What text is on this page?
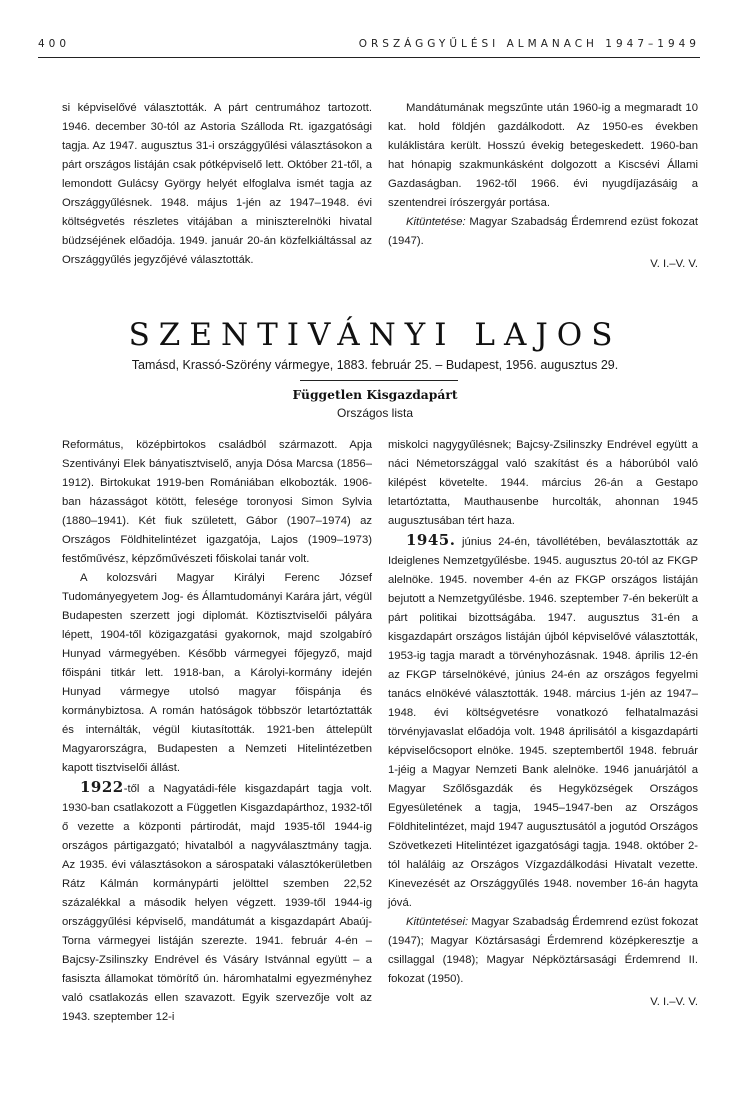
400	ORSZÁGGYŰLÉSI ALMANACH 1947–1949

si képviselővé választották. A párt centrumához tartozott. 1946. december 30-tól az Astoria Szálloda Rt. igazgatósági tagja. Az 1947. augusztus 31-i országgyűlési választásokon a párt országos listáján csak pótképviselő lett. Október 21-től, a lemondott Gulácsy György helyét elfoglalva ismét tagja az Országgyűlésnek. 1948. május 1-jén az 1947–1948. évi költségvetés részletes vitájában a miniszterelnöki hivatal büdzséjének előadója. 1949. január 20-án közfelkiáltással az Országgyűlés jegyzőjévé választották.

Mandátumának megszűnte után 1960-ig a megmaradt 10 kat. hold földjén gazdálkodott. Az 1950-es években kuláklistára került. Hosszú évekig betegeskedett. 1960-ban hat hónapig szakmunkásként dolgozott a Kiscsévi Állami Gazdaságban. 1962-től 1966. évi nyugdíjazásáig a szentendrei írószergyár portása.

Kitüntetése: Magyar Szabadság Érdemrend ezüst fokozat (1947).

V. I.–V. V.

SZENTIVÁNYI LAJOS
Tamásd, Krassó-Szörény vármegye, 1883. február 25. – Budapest, 1956. augusztus 29.
Független Kisgazdapárt
Országos lista

Református, középbirtokos családból származott. Apja Szentiványi Elek bányatisztviselő, anyja Dósa Marcsa (1856–1912). Birtokukat 1919-ben Romániában elkobozták. 1906-ban házasságot kötött, felesége toronyosi Simon Sylvia (1880–1941). Két fiuk született, Gábor (1907–1974) az Országos Földhitelintézet igazgatója, Lajos (1909–1973) festőművész, képzőművészeti főiskolai tanár volt.

A kolozsvári Magyar Királyi Ferenc József Tudományegyetem Jog- és Államtudományi Karára járt, végül Budapesten szerzett jogi diplomát. Köztisztviselői pályára lépett, 1904-től közigazgatási gyakornok, majd szolgabíró Hunyad vármegyében. Később vármegyei főjegyző, majd főispáni titkár lett. 1918-ban, a Károlyi-kormány idején Hunyad vármegye utolsó magyar főispánja és kormánybiztosa. A román hatóságok többször letartóztatták és internálták, végül kiutasították. 1921-ben áttelepült Magyarországra, Budapesten a Nemzeti Hitelintézetben kapott tisztviselői állást.

1922-től a Nagyatádi-féle kisgazdapárt tagja volt. 1930-ban csatlakozott a Független Kisgazdapárthoz, 1932-től ő vezette a központi pártirodát, majd 1935-től 1944-ig országos pártigazgató; hivatalból a nagyválasztmány tagja. Az 1935. évi választásokon a sárospataki választókerületben Rátz Kálmán kormánypárti jelölttel szemben 22,52 százalékkal a második helyen végzett. 1939-től 1944-ig országgyűlési képviselő, mandátumát a kisgazdapárt Abaúj-Torna vármegyei listáján szerezte. 1941. február 4-én – Bajcsy-Zsilinszky Endrével és Vásáry Istvánnal együtt – a fasiszta államokat tömörítő ún. háromhatalmi egyezményhez való csatlakozás ellen szavazott. Egyik szervezője volt az 1943. szeptember 12-i

miskolci nagygyűlésnek; Bajcsy-Zsilinszky Endrével együtt a náci Németországgal való szakítást és a háborúból való kilépést követelte. 1944. március 26-án a Gestapo letartóztatta, Mauthausenbe hurcolták, ahonnan 1945 augusztusában tért haza.

1945. június 24-én, távollétében, beválasztották az Ideiglenes Nemzetgyűlésbe. 1945. augusztus 20-tól az FKGP alelnöke. 1945. november 4-én az FKGP országos listáján bejutott a Nemzetgyűlésbe. 1946. szeptember 7-én bekerült a párt politikai bizottságába. 1947. augusztus 31-én a kisgazdapárt országos listáján újból képviselővé választották, 1953-ig tagja maradt a törvényhozásnak. 1948. április 12-én az FKGP társelnökévé, június 24-én az országos fegyelmi tanács elnökévé választották. 1948. március 1-jén az 1947–1948. évi költségvetésre vonatkozó felhatalmazási törvényjavaslat előadója volt. 1948 áprilisától a kisgazdapárti képviselőcsoport elnöke. 1945. szeptembertől 1948. február 1-jéig a Magyar Nemzeti Bank alelnöke. 1946 januárjától a Magyar Szőlősgazdák és Hegyközségek Országos Egyesületének a tagja, 1945–1947-ben az Országos Földhitelintézet, majd 1947 augusztusától a jogutód Országos Szövetkezeti Hitelintézet igazgatósági tagja. 1948. október 2-tól haláláig az Országos Vízgazdálkodási Hivatalt vezette. Kinevezését az Országgyűlés 1948. november 16-án hagyta jóvá.

Kitüntetései: Magyar Szabadság Érdemrend ezüst fokozat (1947); Magyar Köztársasági Érdemrend középkeresztje a csillaggal (1948); Magyar Népköztársasági Érdemrend II. fokozat (1950).

V. I.–V. V.
